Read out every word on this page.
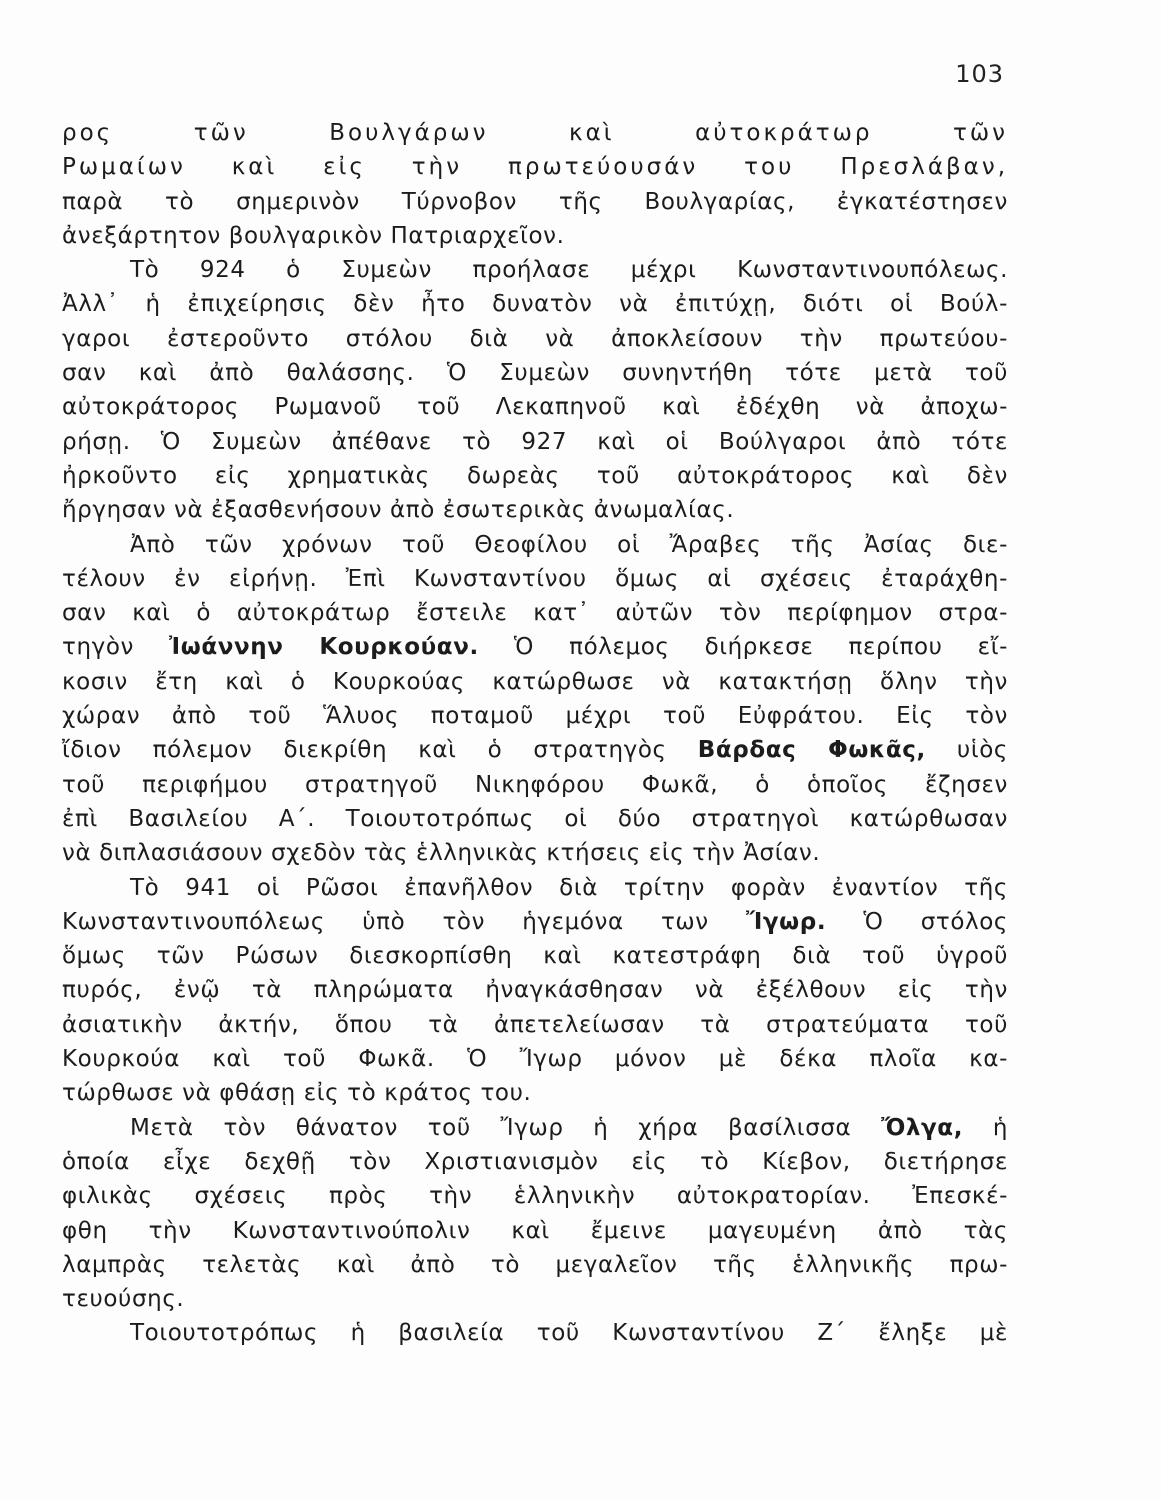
103
ρος τῶν Βουλγάρων καὶ αὐτοκράτωρ τῶν
Ρωμαίων καὶ εἰς τὴν πρωτεύουσάν του Πρεσλάβαν,
παρὰ τὸ σημερινὸν Τύρνοβον τῆς Βουλγαρίας, ἐγκατέστησεν
ἀνεξάρτητον βουλγαρικὸν Πατριαρχεῖον.
Τὸ 924 ὁ Συμεὼν προήλασε μέχρι Κωνσταντινουπόλεως.
Ἀλλ᾿ ἡ ἐπιχείρησις δὲν ἦτο δυνατὸν νὰ ἐπιτύχῃ, διότι οἱ Βούλ-
γαροι ἐστεροῦντο στόλου διὰ νὰ ἀποκλείσουν τὴν πρωτεύου-
σαν καὶ ἀπὸ θαλάσσης. Ὁ Συμεὼν συνηντήθη τότε μετὰ τοῦ
αὐτοκράτορος Ρωμανοῦ τοῦ Λεκαπηνοῦ καὶ ἐδέχθη νὰ ἀποχω-
ρήσῃ. Ὁ Συμεὼν ἀπέθανε τὸ 927 καὶ οἱ Βούλγαροι ἀπὸ τότε
ἠρκοῦντο εἰς χρηματικὰς δωρεὰς τοῦ αὐτοκράτορος καὶ δὲν
ἤργησαν νὰ ἐξασθενήσουν ἀπὸ ἐσωτερικὰς ἀνωμαλίας.
Ἀπὸ τῶν χρόνων τοῦ Θεοφίλου οἱ Ἄραβες τῆς Ἀσίας διε-
τέλουν ἐν εἰρήνῃ. Ἐπὶ Κωνσταντίνου ὅμως αἱ σχέσεις ἐταράχθη-
σαν καὶ ὁ αὐτοκράτωρ ἔστειλε κατ᾿ αὐτῶν τὸν περίφημον στρα-
τηγὸν Ἰωάννην Κουρκούαν. Ὁ πόλεμος διήρκεσε περίπου εἴ-
κοσιν ἔτη καὶ ὁ Κουρκούας κατώρθωσε νὰ κατακτήσῃ ὅλην τὴν
χώραν ἀπὸ τοῦ Ἅλυος ποταμοῦ μέχρι τοῦ Εὐφράτου. Εἰς τὸν
ἴδιον πόλεμον διεκρίθη καὶ ὁ στρατηγὸς Βάρδας Φωκᾶς, υἱὸς
τοῦ περιφήμου στρατηγοῦ Νικηφόρου Φωκᾶ, ὁ ὁποῖος ἔζησεν
ἐπὶ Βασιλείου Α΄. Τοιουτοτρόπως οἱ δύο στρατηγοὶ κατώρθωσαν
νὰ διπλασιάσουν σχεδὸν τὰς ἑλληνικὰς κτήσεις εἰς τὴν Ἀσίαν.
Τὸ 941 οἱ Ρῶσοι ἐπανῆλθον διὰ τρίτην φορὰν ἐναντίον τῆς
Κωνσταντινουπόλεως ὑπὸ τὸν ἡγεμόνα των Ἴγωρ. Ὁ στόλος
ὅμως τῶν Ρώσων διεσκορπίσθη καὶ κατεστράφη διὰ τοῦ ὑγροῦ
πυρός, ἐνῷ τὰ πληρώματα ἠναγκάσθησαν νὰ ἐξέλθουν εἰς τὴν
ἀσιατικὴν ἀκτήν, ὅπου τὰ ἀπετελείωσαν τὰ στρατεύματα τοῦ
Κουρκούα καὶ τοῦ Φωκᾶ. Ὁ Ἴγωρ μόνον μὲ δέκα πλοῖα κα-
τώρθωσε νὰ φθάσῃ εἰς τὸ κράτος του.
Μετὰ τὸν θάνατον τοῦ Ἴγωρ ἡ χήρα βασίλισσα Ὄλγα, ἡ
ὁποία εἶχε δεχθῇ τὸν Χριστιανισμὸν εἰς τὸ Κίεβον, διετήρησε
φιλικὰς σχέσεις πρὸς τὴν ἑλληνικὴν αὐτοκρατορίαν. Ἐπεσκέ-
φθη τὴν Κωνσταντινούπολιν καὶ ἔμεινε μαγευμένη ἀπὸ τὰς
λαμπρὰς τελετὰς καὶ ἀπὸ τὸ μεγαλεῖον τῆς ἑλληνικῆς πρω-
τευούσης.
Τοιουτοτρόπως ἡ βασιλεία τοῦ Κωνσταντίνου Ζ΄ ἔληξε μὲ
